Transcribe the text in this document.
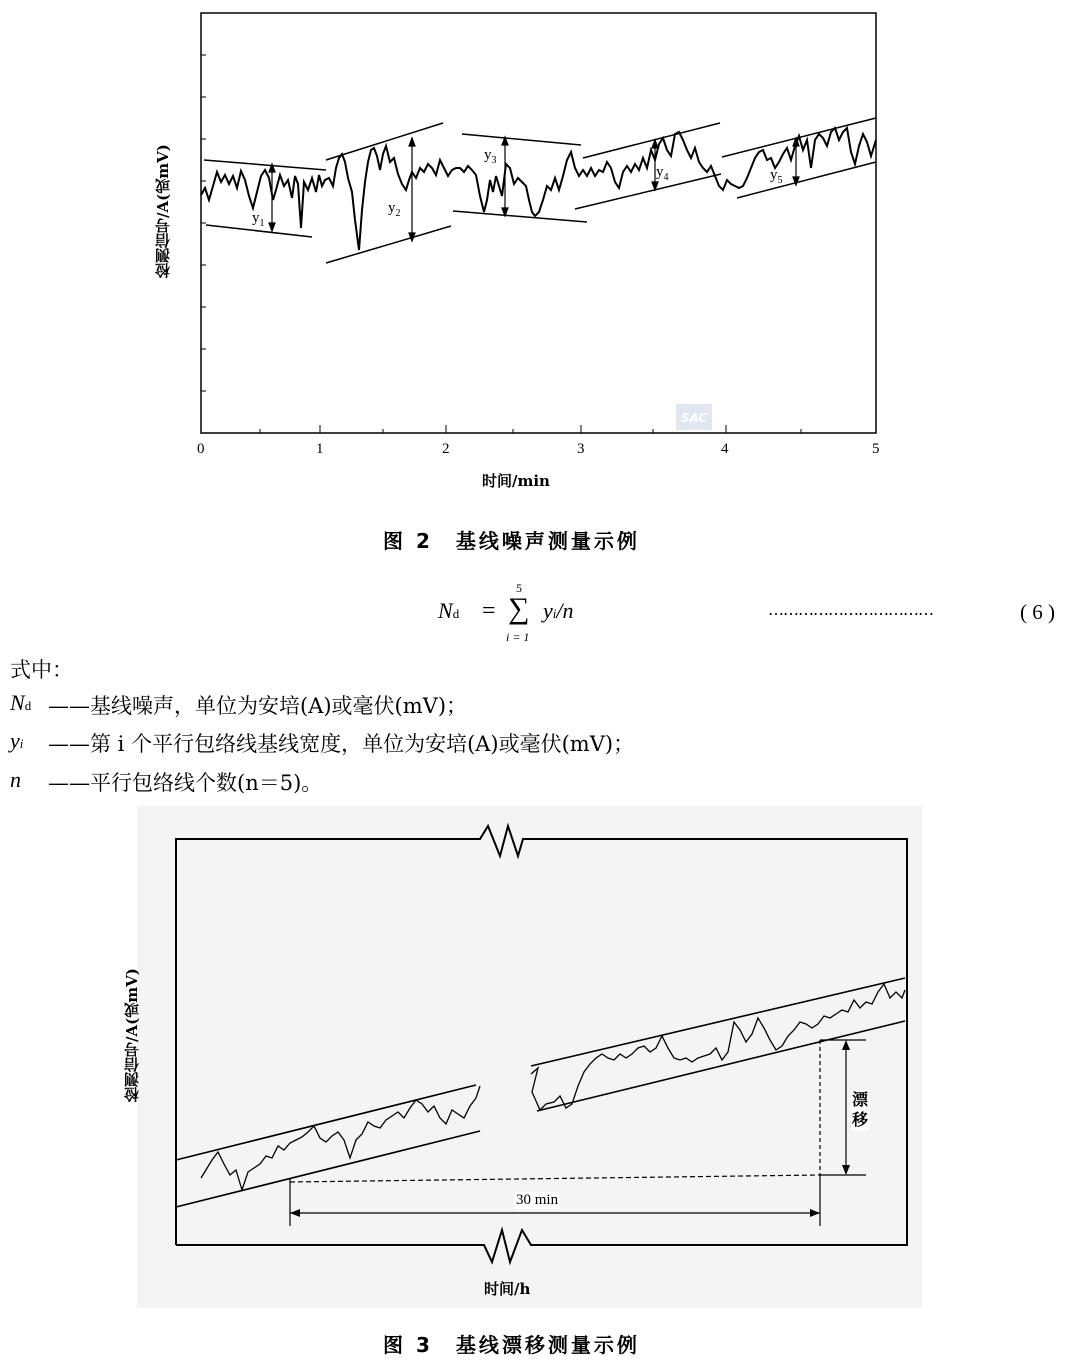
检测信号/A(或mV)
SAC
$y_1$
$y_2$
$y_3$
$y_4$	$y_5$
0	1	2	3	4	5
时间/min
图 2　基线噪声测量示例
Nd =
5
∑
i = 1
yi/n	……………………………	( 6 )
式中：
Nd ——基线噪声，单位为安培(A)或毫伏(mV)；
yi ——第 i 个平行包络线基线宽度，单位为安培(A)或毫伏(mV)；
n ——平行包络线个数(n＝5)。
检测信号/A(或mV)	漂
移
30 min
时间/h
图 3　基线漂移测量示例
